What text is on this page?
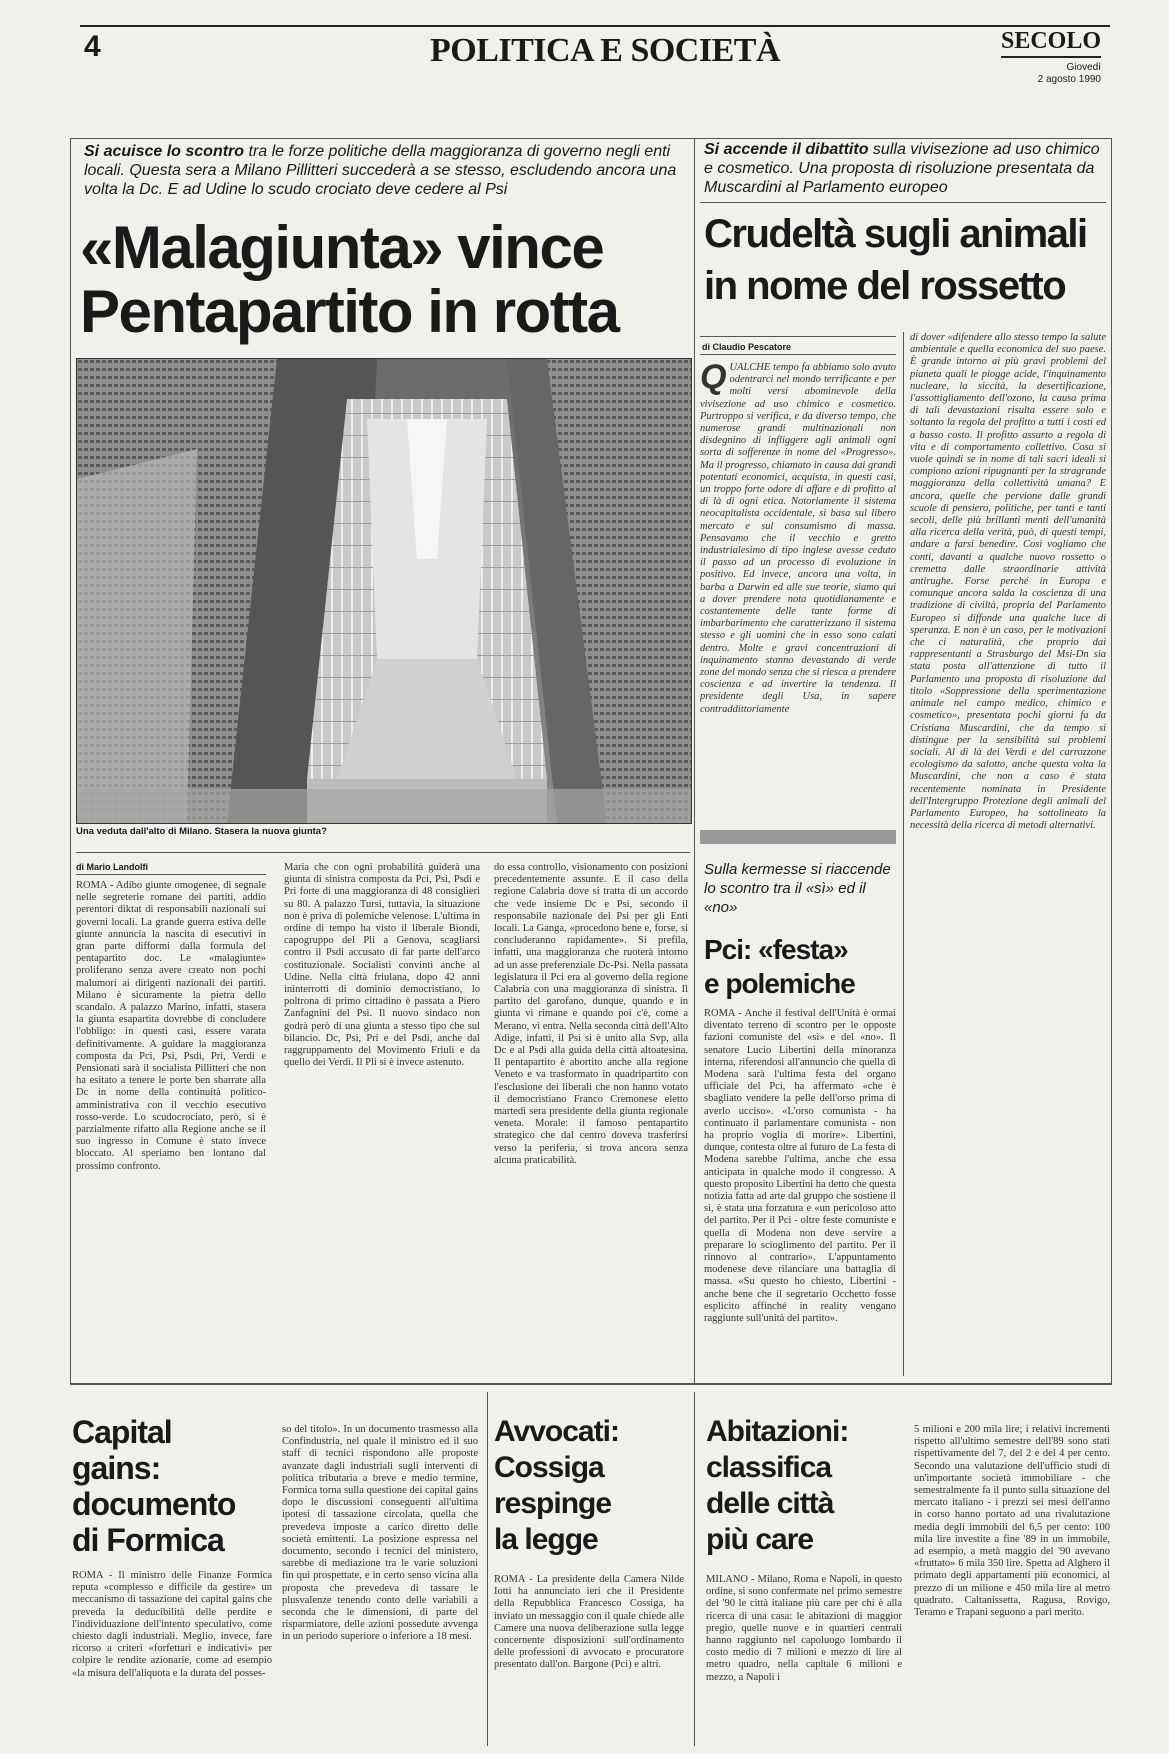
4	POLITICA E SOCIETÀ	SECOLO
Giovedì
2 agosto 1990
Si acuisce lo scontro tra le forze politiche della maggioranza di governo negli enti locali. Questa sera a Milano Pillitteri succederà a se stesso, escludendo ancora una volta la Dc. E ad Udine lo scudo crociato deve cedere al Psi
«Malagiunta» vince
Pentapartito in rotta
Una veduta dall'alto di Milano. Stasera la nuova giunta?
di Mario Landolfi
ROMA - Adibo giunte omogenee, di segnale nelle segreterie romane dei partiti, addio perentori diktat di responsabili nazionali sui governi locali. La grande guerra estiva delle giunte annuncia la nascita di esecutivi in gran parte difformi dalla formula del pentapartito doc. Le «malagiunte» proliferano senza avere creato non pochi malumori ai dirigenti nazionali dei partiti. Milano è sicuramente la pietra dello scandalo. A palazzo Marino, infatti, stasera la giunta esapartita dovrebbe di concludere l'obbligo: in questi casi, essere varata definitivamente. A guidare la maggioranza composta da Pci, Psi, Psdi, Pri, Verdi e Pensionati sarà il socialista Pillitteri che non ha esitato a tenere le porte ben sbarrate alla Dc in nome della continuità politico-amministrativa con il vecchio esecutivo rosso-verde. Lo scudocrociato, però, si è parzialmente rifatto alla Regione anche se il suo ingresso in Comune è stato invece bloccato. Al speriamo ben lontano dal prossimo confronto.
Maria che con ogni probabilità guiderà una giunta di sinistra composta da Pci, Psi, Psdi e Pri forte di una maggioranza di 48 consiglieri su 80. A palazzo Tursi, tuttavia, la situazione non è priva di polemiche velenose. L'ultima in ordine di tempo ha visto il liberale Biondi, capogruppo del Pli a Genova, scagliarsi contro il Psdi accusato di far parte dell'arco costituzionale. Socialisti convinti anche al Udine. Nella città friulana, dopo 42 anni ininterrotti di dominio democristiano, lo poltrona di primo cittadino è passata a Piero Zanfagnini del Psi. Il nuovo sindaco non godrà però di una giunta a stesso tipo che sul bilancio. Dc, Psi, Pri e del Psdi, anche dal raggruppamento del Movimento Friuli e da quello dei Verdi. Il Pli si è invece astenuto.
do essa controllo, visionamento con posizioni precedentemente assunte. E il caso della regione Calabria dove si tratta di un accordo che vede insieme Dc e Psi, secondo il responsabile nazionale del Psi per gli Enti locali. La Ganga, «procedono bene e, forse, si concluderanno rapidamente». Si prefila, infatti, una maggioranza che ruoterà intorno ad un asse preferenziale Dc-Psi. Nella passata legislatura il Pci era al governo della regione Calabria con una maggioranza di sinistra. Il partito del garofano, dunque, quando e in giunta vi rimane e quando poi c'è, come a Merano, vi entra. Nella seconda città dell'Alto Adige, infatti, il Psi si è unito alla Svp, alla Dc e al Psdi alla guida della città altoatesina. Il pentapartito è abortito anche alla regione Veneto e va trasformato in quadripartito con l'esclusione dei liberali che non hanno votato il democristiano Franco Cremonese eletto martedì sera presidente della giunta regionale veneta. Morale: il famoso pentapartito strategico che dal centro doveva trasferirsi verso la periferia, si trova ancora senza alcuna praticabilità.
Si accende il dibattito sulla vivisezione ad uso chimico e cosmetico. Una proposta di risoluzione presentata da Muscardini al Parlamento europeo
Crudeltà sugli animali
in nome del rossetto
di Claudio Pescatore
QUALCHE tempo fa abbiamo solo avuto odentrarci nel mondo terrificante e per molti versi abominevole della vivisezione ad uso chimico e cosmetico. Purtroppo si verifica, e da diverso tempo, che numerose grandi multinazionali non disdegnino di infliggere agli animali ogni sorta di sofferenze in nome del «Progresso». Ma il progresso, chiamato in causa dai grandi potentati economici, acquista, in questi casi, un troppo forte odore di affare e di profitto al di là di ogni etica. Notoriamente il sistema neocapitalista occidentale, si basa sul libero mercato e sul consumismo di massa. Pensavamo che il vecchio e gretto industrialesimo di tipo inglese avesse ceduto il passo ad un processo di evoluzione in positivo. Ed invece, ancora una volta, in barba a Darwin ed alle sue teorie, siamo qui a dover prendere nota quotidianamente e costantemente delle tante forme di imbarbarimento che caratterizzano il sistema stesso e gli uomini che in esso sono calati dentro. Molte e gravi concentrazioni di inquinamento stanno devastando di verde zone del mondo senza che si riesca a prendere coscienza e ad invertire la tendenza. Il presidente degli Usa, in sapere contraddittoriamente
di dover «difendere allo stesso tempo la salute ambientale e quella economica del suo paese. È grande intorno ai più gravi problemi del pianeta quali le piogge acide, l'inquinamento nucleare, la siccità, la desertificazione, l'assottigliamento dell'ozono, la causa prima di tali devastazioni risulta essere solo e soltanto la regola del profitto a tutti i costi ed a basso costo. Il profitto assurto a regola di vita e di comportamento collettivo. Cosa si vuole quindi se in nome di tali sacri ideali si compiono azioni ripugnanti per la stragrande maggioranza della collettività umana? E ancora, quelle che pervione dalle grandi scuole di pensiero, politiche, per tanti e tanti secoli, delle più brillanti menti dell'umanità alla ricerca della verità, può, di questi tempi, andare a farsi benedire. Così vogliamo che conti, davanti a qualche nuovo rossetto o cremetta dalle straordinarie attività antirughe. Forse perché in Europa e comunque ancora salda la coscienza di una tradizione di civiltà, propria del Parlamento Europeo si diffonde una qualche luce di speranza. E non è un caso, per le motivazioni che ci naturalità, che proprio dai rappresentanti a Strasburgo del Msi-Dn sia stata posta all'attenzione di tutto il Parlamento una proposta di risoluzione dal titolo «Soppressione della sperimentazione animale nel campo medico, chimico e cosmetico», presentata pochi giorni fa da Cristiana Muscardini, che da tempo si distingue per la sensibilità sui problemi sociali. Al di là dei Verdi e del carrozzone ecologismo da salotto, anche questa volta la Muscardini, che non a caso è stata recentemente nominata in Presidente dell'Intergruppo Protezione degli animali del Parlamento Europeo, ha sottolineato la necessità della ricerca di metodi alternativi.
Sulla kermesse si riaccende lo scontro tra il «sì» ed il «no»
Pci: «festa»
e polemiche
ROMA - Anche il festival dell'Unità è ormai diventato terreno di scontro per le opposte fazioni comuniste del «sì» e del «no». Il senatore Lucio Libertini della minoranza interna, riferendosi all'annuncio che quella di Modena sarà l'ultima festa del organo ufficiale del Pci, ha affermato «che è sbagliato vendere la pelle dell'orso prima di averlo ucciso». «L'orso comunista - ha continuato il parlamentare comunista - non ha proprio voglia di morire». Libertini, dunque, contesta oltre al futuro de La festa di Modena sarebbe l'ultima, anche che essa anticipata in qualche modo il congresso. A questo proposito Libertini ha detto che questa notizia fatta ad arte dal gruppo che sostiene il sì, è stata una forzatura e «un pericoloso atto del partito. Per il Pci - oltre feste comuniste e quella di Modena non deve servire a preparare lo scioglimento del partito. Per il rinnovo al contrario». L'appuntamento modenese deve rilanciare una battaglia di massa. «Su questo ho chiesto, Libertini - anche bene che il segretario Occhetto fosse esplicito affinché in reality vengano raggiunte sull'unità del partito».
Capital
gains:
documento
di Formica
ROMA - Il ministro delle Finanze Formica reputa «complesso e difficile da gestire» un meccanismo di tassazione dei capital gains che preveda la deducibilità delle perdite e l'individuazione dell'intento speculativo, come chiesto dagli industriali. Meglio, invece, fare ricorso a criteri «forfettari e indicativi» per colpire le rendite azionarie, come ad esempio «la misura dell'aliquota e la durata del posses-
so del titolo». In un documento trasmesso alla Confindustria, nel quale il ministro ed il suo staff di tecnici rispondono alle proposte avanzate dagli industriali sugli interventi di politica tributaria a breve e medio termine, Formica torna sulla questione dei capital gains dopo le discussioni conseguenti all'ultima ipotesi di tassazione circolata, quella che prevedeva imposte a carico diretto delle società emittenti. La posizione espressa nel documento, secondo i tecnici del ministero, sarebbe di mediazione tra le varie soluzioni fin qui prospettate, e in certo senso vicina alla proposta che prevedeva di tassare le plusvalenze tenendo conto delle variabili a seconda che le dimensioni, di parte del risparmiatore, delle azioni possedute avvenga in un periodo superiore o inferiore a 18 mesi.
Avvocati:
Cossiga
respinge
la legge
ROMA - La presidente della Camera Nilde Iotti ha annunciato ieri che il Presidente della Repubblica Francesco Cossiga, ha inviato un messaggio con il quale chiede alle Camere una nuova deliberazione sulla legge concernente disposizioni sull'ordinamento delle professioni di avvocato e procuratore presentato dall'on. Bargone (Pci) e altri.
Abitazioni:
classifica
delle città
più care
MILANO - Milano, Roma e Napoli, in questo ordine, si sono confermate nel primo semestre del '90 le città italiane più care per chi è alla ricerca di una casa: le abitazioni di maggior pregio, quelle nuove e in quartieri centrali hanno raggiunto nel capoluogo lombardo il costo medio di 7 milioni e mezzo di lire al metro quadro, nella capitale 6 milioni e mezzo, a Napoli i
5 milioni e 200 mila lire; i relativi incrementi rispetto all'ultimo semestre dell'89 sono stati rispettivamente del 7, del 2 e del 4 per cento. Secondo una valutazione dell'ufficio studi di un'importante società immobiliare - che semestralmente fa il punto sulla situazione del mercato italiano - i prezzi sei mesi dell'anno in corso hanno portato ad una rivalutazione media degli immobili del 6,5 per cento: 100 mila lire investite a fine '89 in un immobile, ad esempio, a metà maggio del '90 avevano «fruttato» 6 mila 350 lire. Spetta ad Alghero il primato degli appartamenti più economici, al prezzo di un milione e 450 mila lire al metro quadrato. Caltanissetta, Ragusa, Rovigo, Teramo e Trapani seguono a pari merito.
